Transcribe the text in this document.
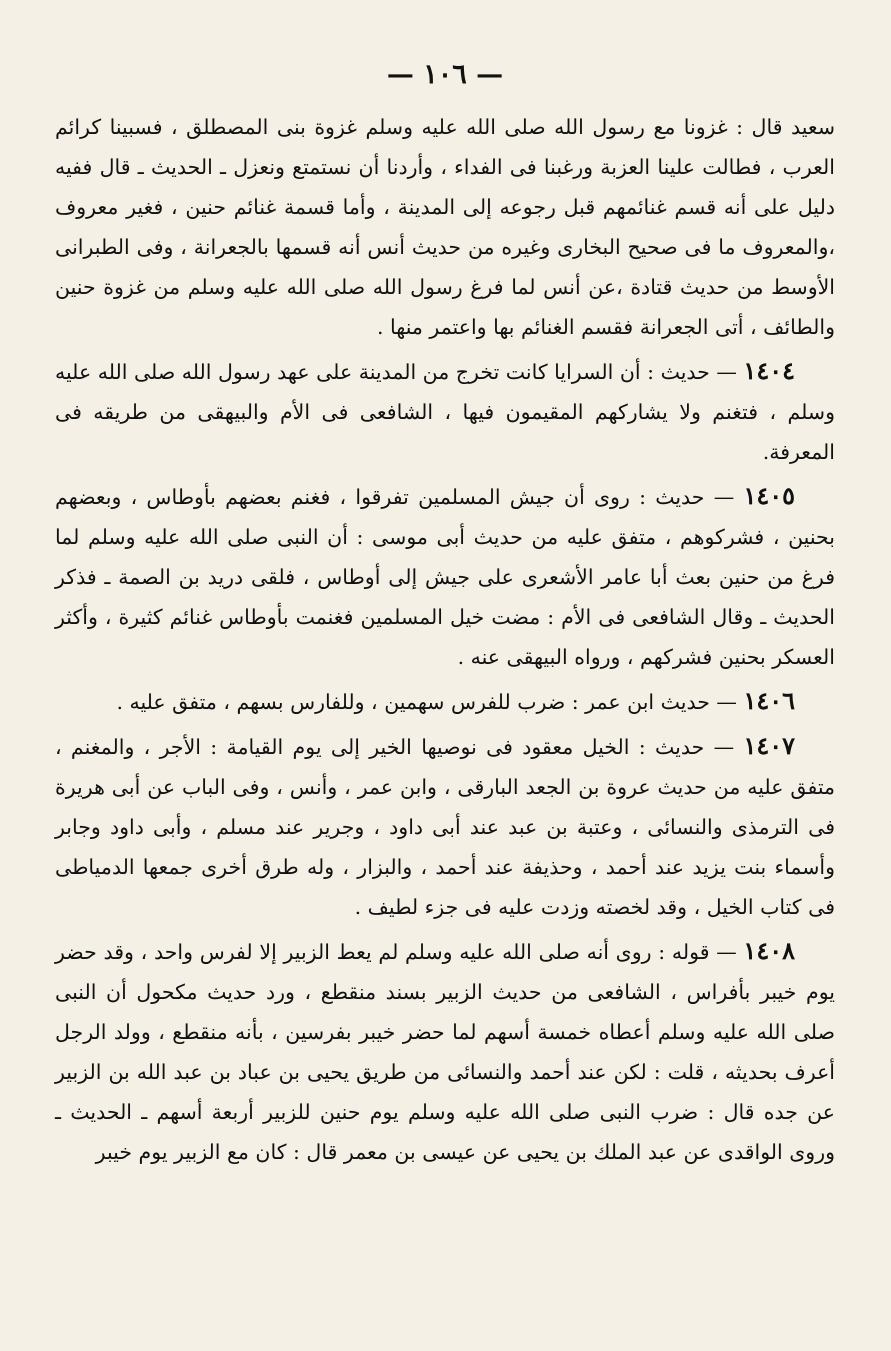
— ١٠٦ —

سعيد قال : غزونا مع رسول الله صلى الله عليه وسلم غزوة بنى المصطلق ، فسبينا كرائم العرب ، فطالت علينا العزبة ورغبنا فى الفداء ، وأردنا أن نستمتع ونعزل ـ الحديث ـ قال ففيه دليل على أنه قسم غنائمهم قبل رجوعه إلى المدينة ، وأما قسمة غنائم حنين ، فغير معروف ،والمعروف ما فى صحيح البخارى وغيره من حديث أنس أنه قسمها بالجعرانة ، وفى الطبرانى الأوسط من حديث قتادة ،عن أنس لما فرغ رسول الله صلى الله عليه وسلم من غزوة حنين والطائف ، أتى الجعرانة فقسم الغنائم بها واعتمر منها .

١٤٠٤ — حديث : أن السرايا كانت تخرج من المدينة على عهد رسول الله صلى الله عليه وسلم ، فتغنم ولا يشاركهم المقيمون فيها ، الشافعى فى الأم والبيهقى من طريقه فى المعرفة.

١٤٠٥ — حديث : روى أن جيش المسلمين تفرقوا ، فغنم بعضهم بأوطاس ، وبعضهم بحنين ، فشركوهم ، متفق عليه من حديث أبى موسى : أن النبى صلى الله عليه وسلم لما فرغ من حنين بعث أبا عامر الأشعرى على جيش إلى أوطاس ، فلقى دريد بن الصمة ـ فذكر الحديث ـ وقال الشافعى فى الأم : مضت خيل المسلمين فغنمت بأوطاس غنائم كثيرة ، وأكثر العسكر بحنين فشركهم ، ورواه البيهقى عنه .

١٤٠٦ — حديث ابن عمر : ضرب للفرس سهمين ، وللفارس بسهم ، متفق عليه .

١٤٠٧ — حديث : الخيل معقود فى نوصيها الخير إلى يوم القيامة : الأجر ، والمغنم ، متفق عليه من حديث عروة بن الجعد البارقى ، وابن عمر ، وأنس ، وفى الباب عن أبى هريرة فى الترمذى والنسائى ، وعتبة بن عبد عند أبى داود ، وجرير عند مسلم ، وأبى داود وجابر وأسماء بنت يزيد عند أحمد ، وحذيفة عند أحمد ، والبزار ، وله طرق أخرى جمعها الدمياطى فى كتاب الخيل ، وقد لخصته وزدت عليه فى جزء لطيف .

١٤٠٨ — قوله : روى أنه صلى الله عليه وسلم لم يعط الزبير إلا لفرس واحد ، وقد حضر يوم خيبر بأفراس ، الشافعى من حديث الزبير بسند منقطع ، ورد حديث مكحول أن النبى صلى الله عليه وسلم أعطاه خمسة أسهم لما حضر خيبر بفرسين ، بأنه منقطع ، وولد الرجل أعرف بحديثه ، قلت : لكن عند أحمد والنسائى من طريق يحيى بن عباد بن عبد الله بن الزبير عن جده قال : ضرب النبى صلى الله عليه وسلم يوم حنين للزبير أربعة أسهم ـ الحديث ـ وروى الواقدى عن عبد الملك بن يحيى عن عيسى بن معمر قال : كان مع الزبير يوم خيبر
